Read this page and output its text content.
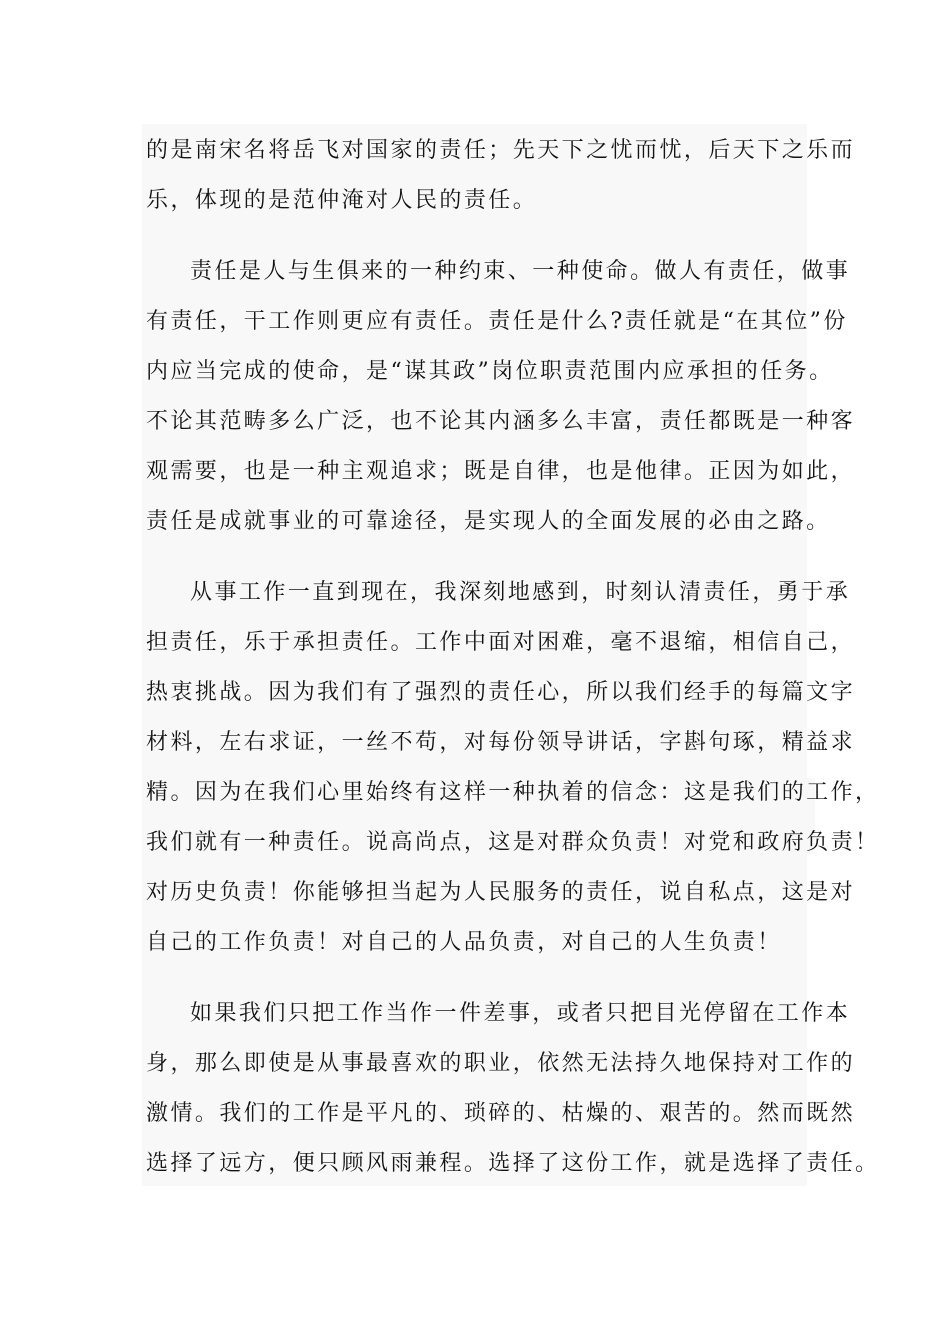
的是南宋名将岳飞对国家的责任；先天下之忧而忧，后天下之乐而
乐，体现的是范仲淹对人民的责任。
责任是人与生俱来的一种约束、一种使命。做人有责任，做事
有责任，干工作则更应有责任。责任是什么?责任就是“在其位”份
内应当完成的使命，是“谋其政”岗位职责范围内应承担的任务。
不论其范畴多么广泛，也不论其内涵多么丰富，责任都既是一种客
观需要，也是一种主观追求；既是自律，也是他律。正因为如此，
责任是成就事业的可靠途径，是实现人的全面发展的必由之路。
从事工作一直到现在，我深刻地感到，时刻认清责任，勇于承
担责任，乐于承担责任。工作中面对困难，毫不退缩，相信自己，
热衷挑战。因为我们有了强烈的责任心，所以我们经手的每篇文字
材料，左右求证，一丝不苟，对每份领导讲话，字斟句琢，精益求
精。因为在我们心里始终有这样一种执着的信念：这是我们的工作，
我们就有一种责任。说高尚点，这是对群众负责！对党和政府负责！
对历史负责！你能够担当起为人民服务的责任，说自私点，这是对
自己的工作负责！对自己的人品负责，对自己的人生负责！
如果我们只把工作当作一件差事，或者只把目光停留在工作本
身，那么即使是从事最喜欢的职业，依然无法持久地保持对工作的
激情。我们的工作是平凡的、琐碎的、枯燥的、艰苦的。然而既然
选择了远方，便只顾风雨兼程。选择了这份工作，就是选择了责任。
